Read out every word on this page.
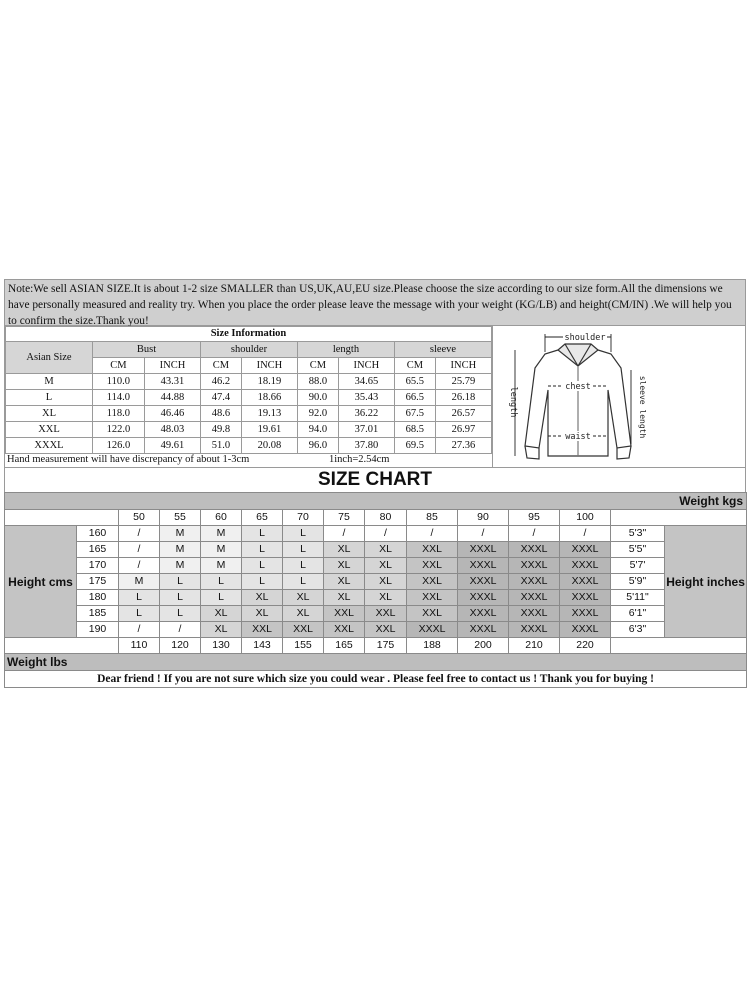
Note:We sell ASIAN SIZE.It is about 1-2 size SMALLER than US,UK,AU,EU size.Please choose the size according to our size form.All the dimensions we have personally measured and reality try. When you place the order please leave the message with your weight (KG/LB) and height(CM/IN) .We will help you to confirm the size.Thank you!
Size Information								
Asian Size	Bust		shoulder		length		sleeve	
	CM	INCH	CM	INCH	CM	INCH	CM	INCH
M	110.0	43.31	46.2	18.19	88.0	34.65	65.5	25.79
L	114.0	44.88	47.4	18.66	90.0	35.43	66.5	26.18
XL	118.0	46.46	48.6	19.13	92.0	36.22	67.5	26.57
XXL	122.0	48.03	49.8	19.61	94.0	37.01	68.5	26.97
XXXL	126.0	49.61	51.0	20.08	96.0	37.80	69.5	27.36
Hand measurement will have discrepancy of about 1-3cm	1inch=2.54cm
shoulder
chest
waist
length	sleeve length
SIZE CHART
Weight kgs														
		50	55	60	65	70	75	80	85	90	95	100		
Height cms	160	/	M	M	L	L	/	/	/	/	/	/	5'3"	Height inches
	165	/	M	M	L	L	XL	XL	XXL	XXXL	XXXL	XXXL	5'5"	
	170	/	M	M	L	L	XL	XL	XXL	XXXL	XXXL	XXXL	5'7'	
	175	M	L	L	L	L	XL	XL	XXL	XXXL	XXXL	XXXL	5'9"	
	180	L	L	L	XL	XL	XL	XL	XXL	XXXL	XXXL	XXXL	5'11"	
	185	L	L	XL	XL	XL	XXL	XXL	XXL	XXXL	XXXL	XXXL	6'1"	
	190	/	/	XL	XXL	XXL	XXL	XXL	XXXL	XXXL	XXXL	XXXL	6'3"	
		110	120	130	143	155	165	175	188	200	210	220		
Weight lbs														
Dear friend ! If you are not sure which size you could wear . Please feel free to contact us ! Thank you for buying !														
